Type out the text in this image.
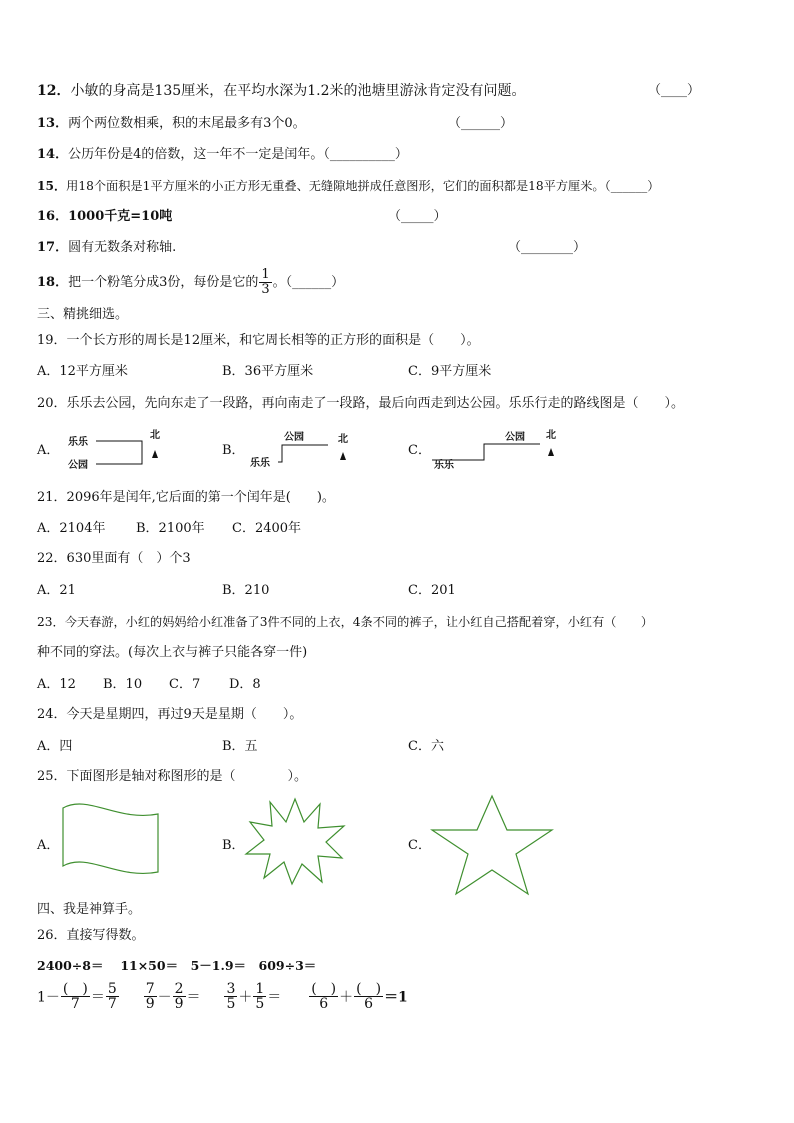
12．小敏的身高是135厘米，在平均水深为1.2米的池塘里游泳肯定没有问题。	（____）
13．两个两位数相乘，积的末尾最多有3个0。	（______）
14．公历年份是4的倍数，这一年不一定是闰年。（__________）
15．用18个面积是1平方厘米的小正方形无重叠、无缝隙地拼成任意图形，它们的面积都是18平方厘米。（______）
16．1000千克=10吨	（_____）
17．圆有无数条对称轴.	（________）
18．把一个粉笔分成3份，每份是它的 $\frac{1}{3}$ 。（______）
三、精挑细选。
19．一个长方形的周长是12厘米，和它周长相等的正方形的面积是（　　）。
A．12平方厘米	B．36平方厘米	C．9平方厘米
20．乐乐去公园，先向东走了一段路，再向南走了一段路，最后向西走到达公园。乐乐行走的路线图是（　　）。
A．	B．	C．
乐乐
公园
北	公园
乐乐
北	公园
乐乐
北
21．2096年是闰年,它后面的第一个闰年是(　　)。
A．2104年 B．2100年 C．2400年
22．630里面有（　）个3
A．21	B．210	C．201
23．今天春游，小红的妈妈给小红准备了3件不同的上衣，4条不同的裤子，让小红自己搭配着穿，小红有（　　）
种不同的穿法。(每次上衣与裤子只能各穿一件)
A．12 B．10 C．7 D．8
24．今天是星期四，再过9天是星期（　　）。
A．四	B．五	C．六
25．下面图形是轴对称图形的是（　　　　）。
A．	B．	C．
四、我是神算手。
26．直接写得数。
2400÷8＝　 11×50＝　5－1.9＝　609÷3＝
$1- \frac{( )}{7} = \frac{5}{7}$
$\frac{7}{9} - \frac{2}{9} = \frac{3}{5} + \frac{1}{5} = \frac{( )}{6} + \frac{( )}{6} =1$
